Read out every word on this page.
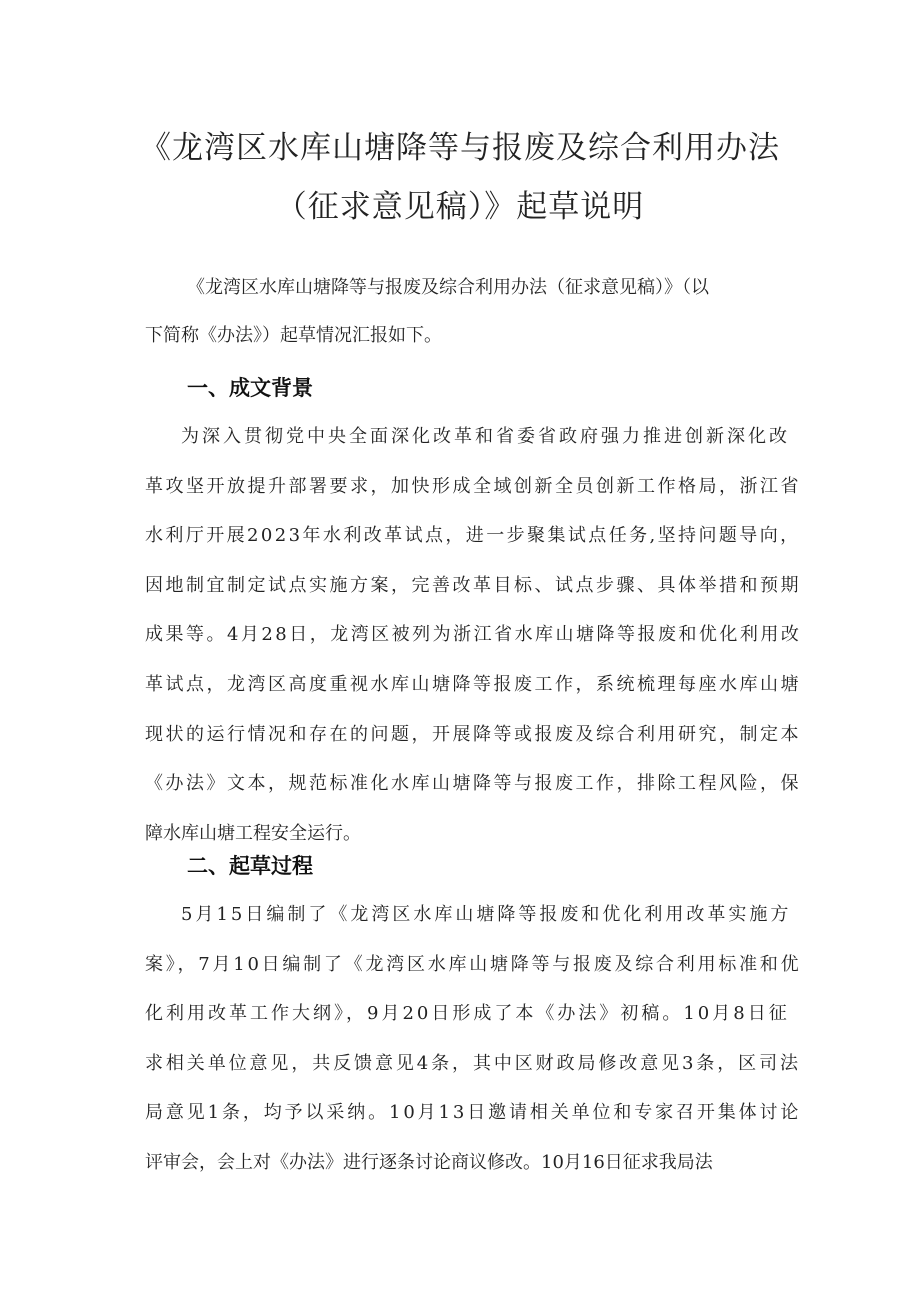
《龙湾区水库山塘降等与报废及综合利用办法
（征求意见稿）》起草说明

《龙湾区水库山塘降等与报废及综合利用办法（征求意见稿）》（以

下简称《办法》）起草情况汇报如下。

一、成文背景
为深入贯彻党中央全面深化改革和省委省政府强力推进创新深化改
革攻坚开放提升部署要求，加快形成全域创新全员创新工作格局，浙江省
水利厅开展2023年水利改革试点，进一步聚集试点任务,坚持问题导向，
因地制宜制定试点实施方案，完善改革目标、试点步骤、具体举措和预期
成果等。4月28日，龙湾区被列为浙江省水库山塘降等报废和优化利用改
革试点，龙湾区高度重视水库山塘降等报废工作，系统梳理每座水库山塘
现状的运行情况和存在的问题，开展降等或报废及综合利用研究，制定本
《办法》文本，规范标准化水库山塘降等与报废工作，排除工程风险，保
障水库山塘工程安全运行。
二、起草过程
5月15日编制了《龙湾区水库山塘降等报废和优化利用改革实施方
案》，7月10日编制了《龙湾区水库山塘降等与报废及综合利用标准和优
化利用改革工作大纲》，9月20日形成了本《办法》初稿。10月8日征
求相关单位意见，共反馈意见4条，其中区财政局修改意见3条，区司法
局意见1条，均予以采纳。10月13日邀请相关单位和专家召开集体讨论
评审会，会上对《办法》进行逐条讨论商议修改。10月16日征求我局法
